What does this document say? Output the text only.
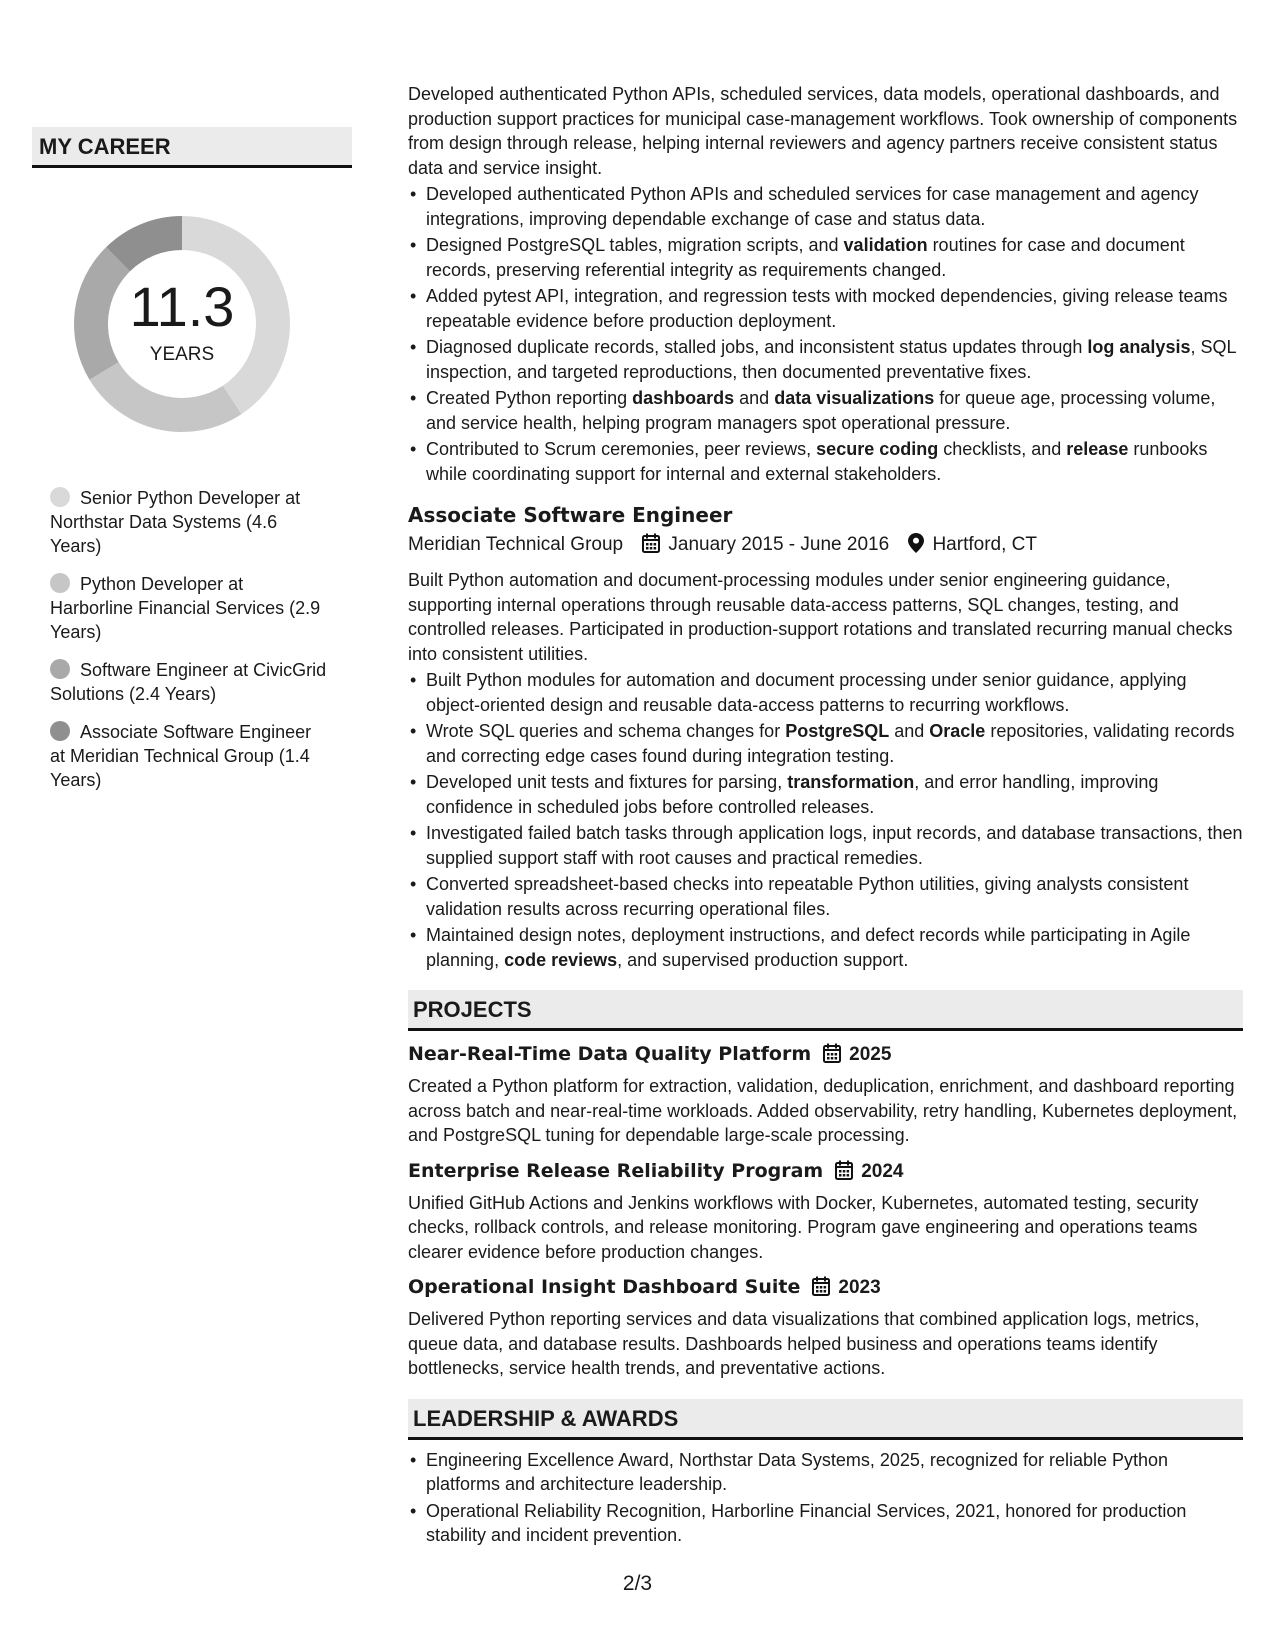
MY CAREER
11.3
YEARS
Senior Python Developer at Northstar Data Systems (4.6 Years)
Python Developer at Harborline Financial Services (2.9 Years)
Software Engineer at CivicGrid Solutions (2.4 Years)
Associate Software Engineer at Meridian Technical Group (1.4 Years)
Developed authenticated Python APIs, scheduled services, data models, operational dashboards, and production support practices for municipal case-management workflows. Took ownership of components from design through release, helping internal reviewers and agency partners receive consistent status data and service insight.
• Developed authenticated Python APIs and scheduled services for case management and agency integrations, improving dependable exchange of case and status data.
• Designed PostgreSQL tables, migration scripts, and validation routines for case and document records, preserving referential integrity as requirements changed.
• Added pytest API, integration, and regression tests with mocked dependencies, giving release teams repeatable evidence before production deployment.
• Diagnosed duplicate records, stalled jobs, and inconsistent status updates through log analysis, SQL inspection, and targeted reproductions, then documented preventative fixes.
• Created Python reporting dashboards and data visualizations for queue age, processing volume, and service health, helping program managers spot operational pressure.
• Contributed to Scrum ceremonies, peer reviews, secure coding checklists, and release runbooks while coordinating support for internal and external stakeholders.
Associate Software Engineer
Meridian Technical Group January 2015 - June 2016 Hartford, CT
Built Python automation and document-processing modules under senior engineering guidance, supporting internal operations through reusable data-access patterns, SQL changes, testing, and controlled releases. Participated in production-support rotations and translated recurring manual checks into consistent utilities.
• Built Python modules for automation and document processing under senior guidance, applying object-oriented design and reusable data-access patterns to recurring workflows.
• Wrote SQL queries and schema changes for PostgreSQL and Oracle repositories, validating records and correcting edge cases found during integration testing.
• Developed unit tests and fixtures for parsing, transformation, and error handling, improving confidence in scheduled jobs before controlled releases.
• Investigated failed batch tasks through application logs, input records, and database transactions, then supplied support staff with root causes and practical remedies.
• Converted spreadsheet-based checks into repeatable Python utilities, giving analysts consistent validation results across recurring operational files.
• Maintained design notes, deployment instructions, and defect records while participating in Agile planning, code reviews, and supervised production support.
PROJECTS
Near-Real-Time Data Quality Platform 2025
Created a Python platform for extraction, validation, deduplication, enrichment, and dashboard reporting across batch and near-real-time workloads. Added observability, retry handling, Kubernetes deployment, and PostgreSQL tuning for dependable large-scale processing.
Enterprise Release Reliability Program 2024
Unified GitHub Actions and Jenkins workflows with Docker, Kubernetes, automated testing, security checks, rollback controls, and release monitoring. Program gave engineering and operations teams clearer evidence before production changes.
Operational Insight Dashboard Suite 2023
Delivered Python reporting services and data visualizations that combined application logs, metrics, queue data, and database results. Dashboards helped business and operations teams identify bottlenecks, service health trends, and preventative actions.
LEADERSHIP & AWARDS
• Engineering Excellence Award, Northstar Data Systems, 2025, recognized for reliable Python platforms and architecture leadership.
• Operational Reliability Recognition, Harborline Financial Services, 2021, honored for production stability and incident prevention.
2/3
